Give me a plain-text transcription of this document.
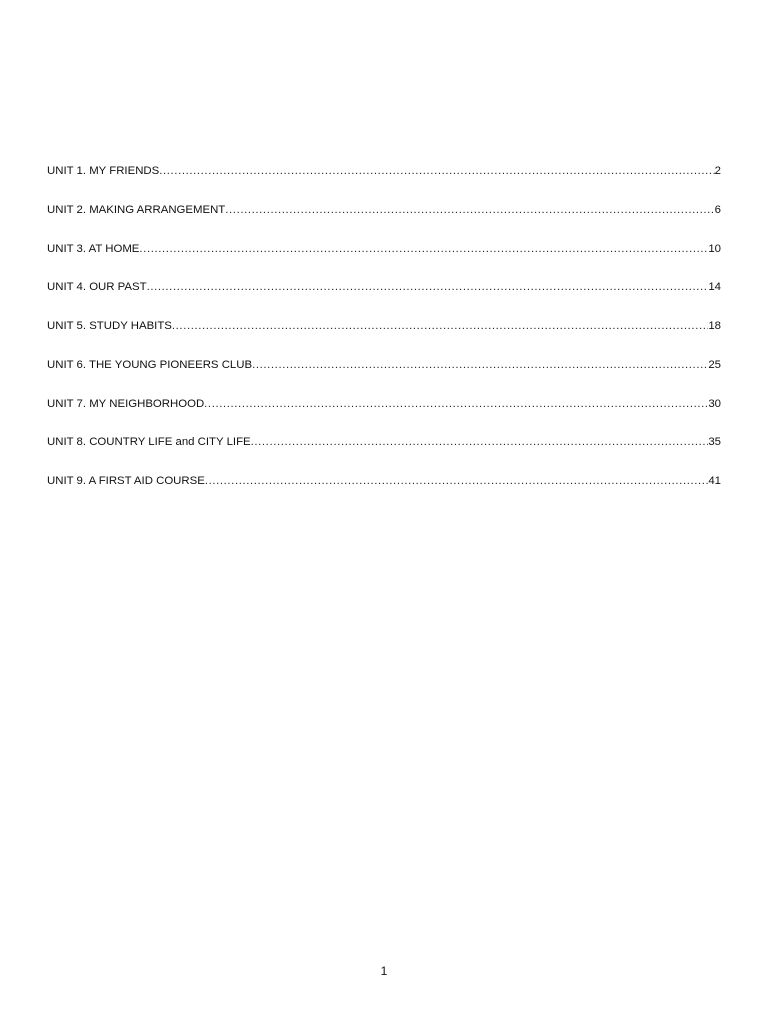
UNIT 1. MY FRIENDS .....	2
UNIT 2. MAKING ARRANGEMENT .....	6
UNIT 3. AT HOME .....	10
UNIT 4. OUR PAST .....	14
UNIT 5. STUDY HABITS .....	18
UNIT 6. THE YOUNG PIONEERS CLUB .....	25
UNIT 7. MY NEIGHBORHOOD .....	30
UNIT 8. COUNTRY LIFE and CITY LIFE .....	35
UNIT 9. A FIRST AID COURSE .....	41
1
